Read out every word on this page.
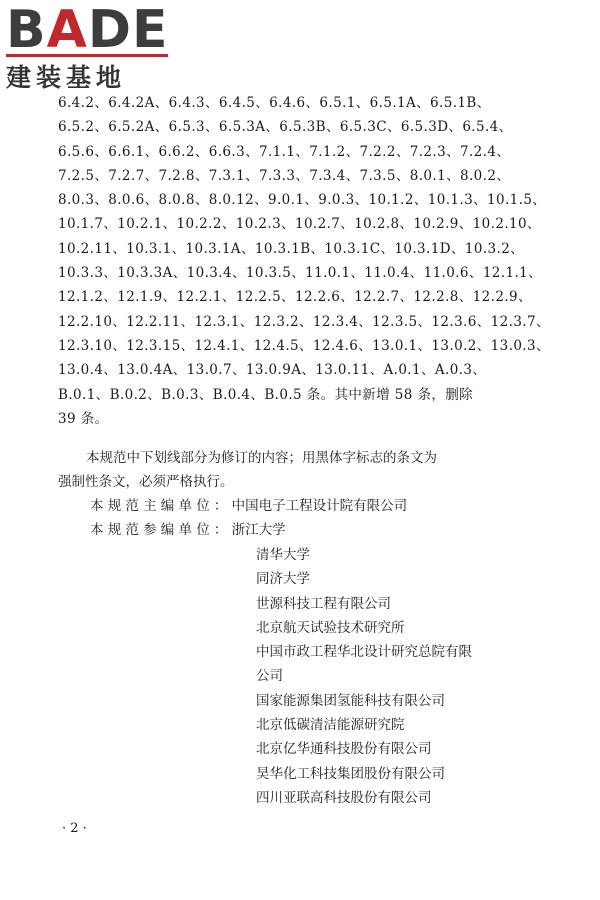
BADE
建装基地
6.4.2、6.4.2A、6.4.3、6.4.5、6.4.6、6.5.1、6.5.1A、6.5.1B、
6.5.2、6.5.2A、6.5.3、6.5.3A、6.5.3B、6.5.3C、6.5.3D、6.5.4、
6.5.6、6.6.1、6.6.2、6.6.3、7.1.1、7.1.2、7.2.2、7.2.3、7.2.4、
7.2.5、7.2.7、7.2.8、7.3.1、7.3.3、7.3.4、7.3.5、8.0.1、8.0.2、
8.0.3、8.0.6、8.0.8、8.0.12、9.0.1、9.0.3、10.1.2、10.1.3、10.1.5、
10.1.7、10.2.1、10.2.2、10.2.3、10.2.7、10.2.8、10.2.9、10.2.10、
10.2.11、10.3.1、10.3.1A、10.3.1B、10.3.1C、10.3.1D、10.3.2、
10.3.3、10.3.3A、10.3.4、10.3.5、11.0.1、11.0.4、11.0.6、12.1.1、
12.1.2、12.1.9、12.2.1、12.2.5、12.2.6、12.2.7、12.2.8、12.2.9、
12.2.10、12.2.11、12.3.1、12.3.2、12.3.4、12.3.5、12.3.6、12.3.7、
12.3.10、12.3.15、12.4.1、12.4.5、12.4.6、13.0.1、13.0.2、13.0.3、
13.0.4、13.0.4A、13.0.7、13.0.9A、13.0.11、A.0.1、A.0.3、
B.0.1、B.0.2、B.0.3、B.0.4、B.0.5 条。其中新增 58 条，删除
39 条。
本规范中下划线部分为修订的内容；用黑体字标志的条文为
强制性条文，必须严格执行。
本规范主编单位：中国电子工程设计院有限公司
本规范参编单位：浙江大学
清华大学
同济大学
世源科技工程有限公司
北京航天试验技术研究所
中国市政工程华北设计研究总院有限
公司
国家能源集团氢能科技有限公司
北京低碳清洁能源研究院
北京亿华通科技股份有限公司
昊华化工科技集团股份有限公司
四川亚联高科技股份有限公司
· 2 ·
